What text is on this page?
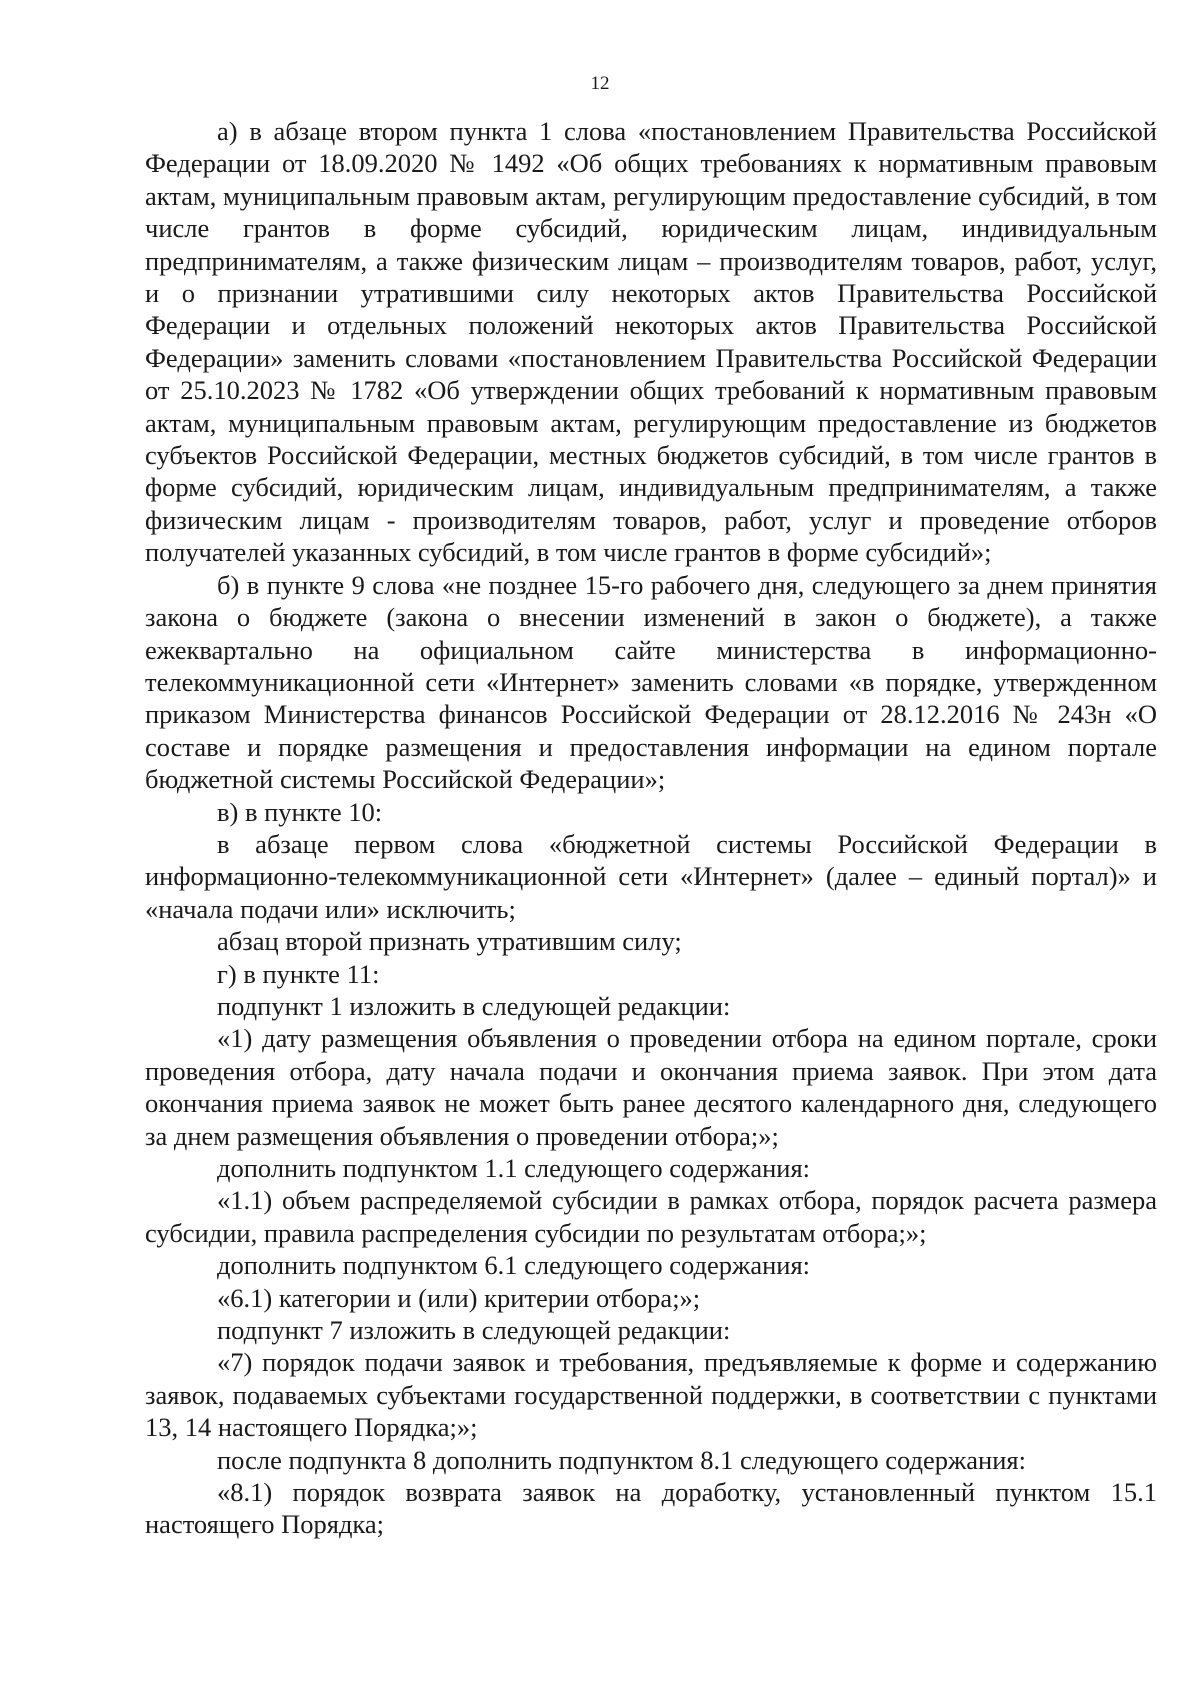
12

а) в абзаце втором пункта 1 слова «постановлением Правительства Российской Федерации от 18.09.2020 № 1492 «Об общих требованиях к нормативным правовым актам, муниципальным правовым актам, регулирующим предоставление субсидий, в том числе грантов в форме субсидий, юридическим лицам, индивидуальным предпринимателям, а также физическим лицам – производителям товаров, работ, услуг, и о признании утратившими силу некоторых актов Правительства Российской Федерации и отдельных положений некоторых актов Правительства Российской Федерации» заменить словами «постановлением Правительства Российской Федерации от 25.10.2023 № 1782 «Об утверждении общих требований к нормативным правовым актам, муниципальным правовым актам, регулирующим предоставление из бюджетов субъектов Российской Федерации, местных бюджетов субсидий, в том числе грантов в форме субсидий, юридическим лицам, индивидуальным предпринимателям, а также физическим лицам - производителям товаров, работ, услуг и проведение отборов получателей указанных субсидий, в том числе грантов в форме субсидий»;

б) в пункте 9 слова «не позднее 15-го рабочего дня, следующего за днем принятия закона о бюджете (закона о внесении изменений в закон о бюджете), а также ежеквартально на официальном сайте министерства в информационно-телекоммуникационной сети «Интернет» заменить словами «в порядке, утвержденном приказом Министерства финансов Российской Федерации от 28.12.2016 № 243н «О составе и порядке размещения и предоставления информации на едином портале бюджетной системы Российской Федерации»;

в) в пункте 10:

в абзаце первом слова «бюджетной системы Российской Федерации в информационно-телекоммуникационной сети «Интернет» (далее – единый портал)» и «начала подачи или» исключить;

абзац второй признать утратившим силу;

г) в пункте 11:

подпункт 1 изложить в следующей редакции:

«1) дату размещения объявления о проведении отбора на едином портале, сроки проведения отбора, дату начала подачи и окончания приема заявок. При этом дата окончания приема заявок не может быть ранее десятого календарного дня, следующего за днем размещения объявления о проведении отбора;»;

дополнить подпунктом 1.1 следующего содержания:

«1.1) объем распределяемой субсидии в рамках отбора, порядок расчета размера субсидии, правила распределения субсидии по результатам отбора;»;

дополнить подпунктом 6.1 следующего содержания:

«6.1) категории и (или) критерии отбора;»;

подпункт 7 изложить в следующей редакции:

«7) порядок подачи заявок и требования, предъявляемые к форме и содержанию заявок, подаваемых субъектами государственной поддержки, в соответствии с пунктами 13, 14 настоящего Порядка;»;

после подпункта 8 дополнить подпунктом 8.1 следующего содержания:

«8.1) порядок возврата заявок на доработку, установленный пунктом 15.1 настоящего Порядка;
